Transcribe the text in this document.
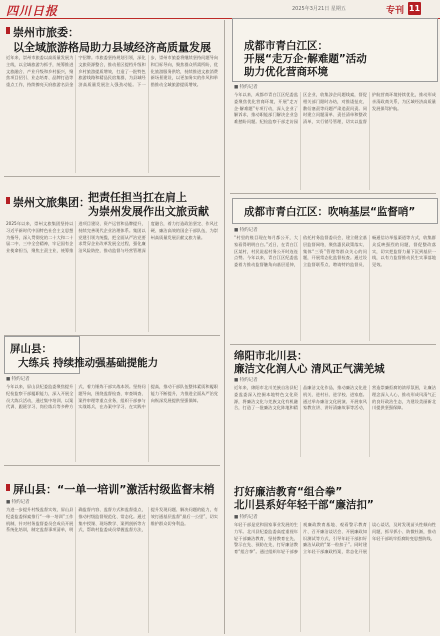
四川日报	2025年3月21日 星期五	专刊 11
崇州市旅委：
以全域旅游格局助力县域经济高质量发展
近年来，崇州市旅委以高质量发展为主线，以全域旅游为抓手，统筹推进文旅融合、产业升级和乡村振兴，聚焦项目招引、业态培育、品牌打造等重点工作，持续擦亮天府旅游名县金字招牌。市旅委坚持规划引领，深化文旅资源整合，推动景区提档升级和乡村旅游提质增效，打造了一批特色旅游线路和精品民宿集群，为县域经济高质量发展注入强劲动能。下一步，崇州市旅委将继续坚持问题导向和目标导向，聚焦群众所需所盼，优化旅游服务供给，持续推进文旅消费新场景建设，以更加务实的作风和举措推动全域旅游提质增效。
成都市青白江区：
开展“走万企·解难题”活动
助力优化营商环境
■ 特约记者
今年以来，成都市青白江区纪委监委聚焦优化营商环境，开展“走万企·解难题”专项行动，深入企业了解诉求，推动职能部门解决企业急难愁盼问题。纪检监察干部走访园区企业，收集涉企问题线索，督促相关部门限时办结，对推诿扯皮、敷衍塞责等问题严肃追责问责。同时建立问题清单、责任清单和整改清单，实行销号管理，切实以监督护航营商环境持续优化，推动形成亲清政商关系，为区域经济高质量发展保驾护航。
崇州文旅集团：
把责任担当扛在肩上
为崇州发展作出文旅贡献
2025年以来，崇州文旅集团坚持以习近平新时代中国特色社会主义思想为指导，深入贯彻党的二十大和二十届二中、三中全会精神，牢记国有企业使命担当，聚焦主责主业，统筹推进项目建设、资产运营和品牌提升，持续完善现代企业治理体系。集团以党建引领为统揽，把全面从严治党要求贯穿企业改革发展全过程，强化廉洁风险防控，推动监督与经营管理深度融合，着力打造政治坚定、作风过硬、廉洁高效的国企干部队伍，为崇州高质量发展贡献文旅力量。
成都市青白江区：吹响基层“监督哨”
■ 特约记者
“村里的账目现在每月都公开，大家看得明明白白。”近日，在青白江区某村，村民说起村务公开时连连点赞。今年以来，青白江区纪委监委着力推动监督触角向基层延伸，依托村务监督委员会，建立健全基层监督网络，聚焦惠民政策落实、集体“三资”管理等群众关心的问题，开展常态化监督检查。通过设立监督联系点、聘请特约监督员、畅通信访举报渠道等方式，收集群众反映强烈的问题，督促整改落实，切实把监督力量下沉到基层一线，以有力监督推动民生实事落地见效。
屏山县：
大练兵 持续推动强基础提能力
■ 特约记者
今年以来，屏山县纪委监委聚焦提升纪检监察干部履职能力，深入开展全员大练兵活动，通过集中培训、以案代训、跟班学习、岗位练兵等多种方式，着力锤炼干部实战本领。坚持问题导向，围绕监督检查、审查调查、案件审理等重点业务，组织干部参与实战练兵，在办案中学习、在实践中提高，推动干部队伍整体素质和履职能力不断提升，为推进全面从严治党向纵深发展提供坚强保障。
绵阳市北川县：
廉洁文化润人心 清风正气满羌城
■ 特约记者
近年来，绵阳市北川羌族自治县纪委监委深入挖掘本地特色文化资源，将廉洁文化与羌族文化有机融合，打造了一批廉洁文化阵地和精品廉洁文化作品，推动廉洁文化进机关、进村社、进学校、进家庭。通过举办廉洁文化展演、开展家风家教宣讲、讲好清廉故事等活动，营造崇廉拒腐的浓厚氛围，让廉洁理念深入人心，推动形成风清气正的良好政治生态，为建设美丽新北川提供坚强保障。
屏山县：“一单一培训”激活村级监督末梢
■ 特约记者
为进一步提升村级监督实效，屏山县纪委监委探索推行“一单一培训”工作机制，针对村务监督委员会成员开展系统化培训，制定监督事项清单，明确监督内容、监督方式和监督重点，推动村级监督规范化、常态化。通过集中授课、现场教学、案例剖析等方式，帮助村监委成员掌握监督方法，提升发现问题、解决问题的能力，有效打通基层监督“最后一公里”，切实维护群众切身利益。
打好廉洁教育“组合拳”
北川县系好年轻干部“廉洁扣”
■ 特约记者
年轻干部是党和国家事业发展的生力军。北川县纪委监委高度重视年轻干部廉洁教育，坚持教育在先、警示在先、预防在先，打好廉洁教育“组合拳”。通过组织年轻干部参观廉政教育基地、观看警示教育片、召开廉洁谈话会、开展廉政知识测试等方式，引导年轻干部扣好廉洁从政的“第一粒扣子”。同时建立年轻干部廉政档案，常态化开展谈心谈话，及时发现苗头性倾向性问题，抓早抓小、防微杜渐，推动年轻干部筑牢拒腐防变思想防线。
